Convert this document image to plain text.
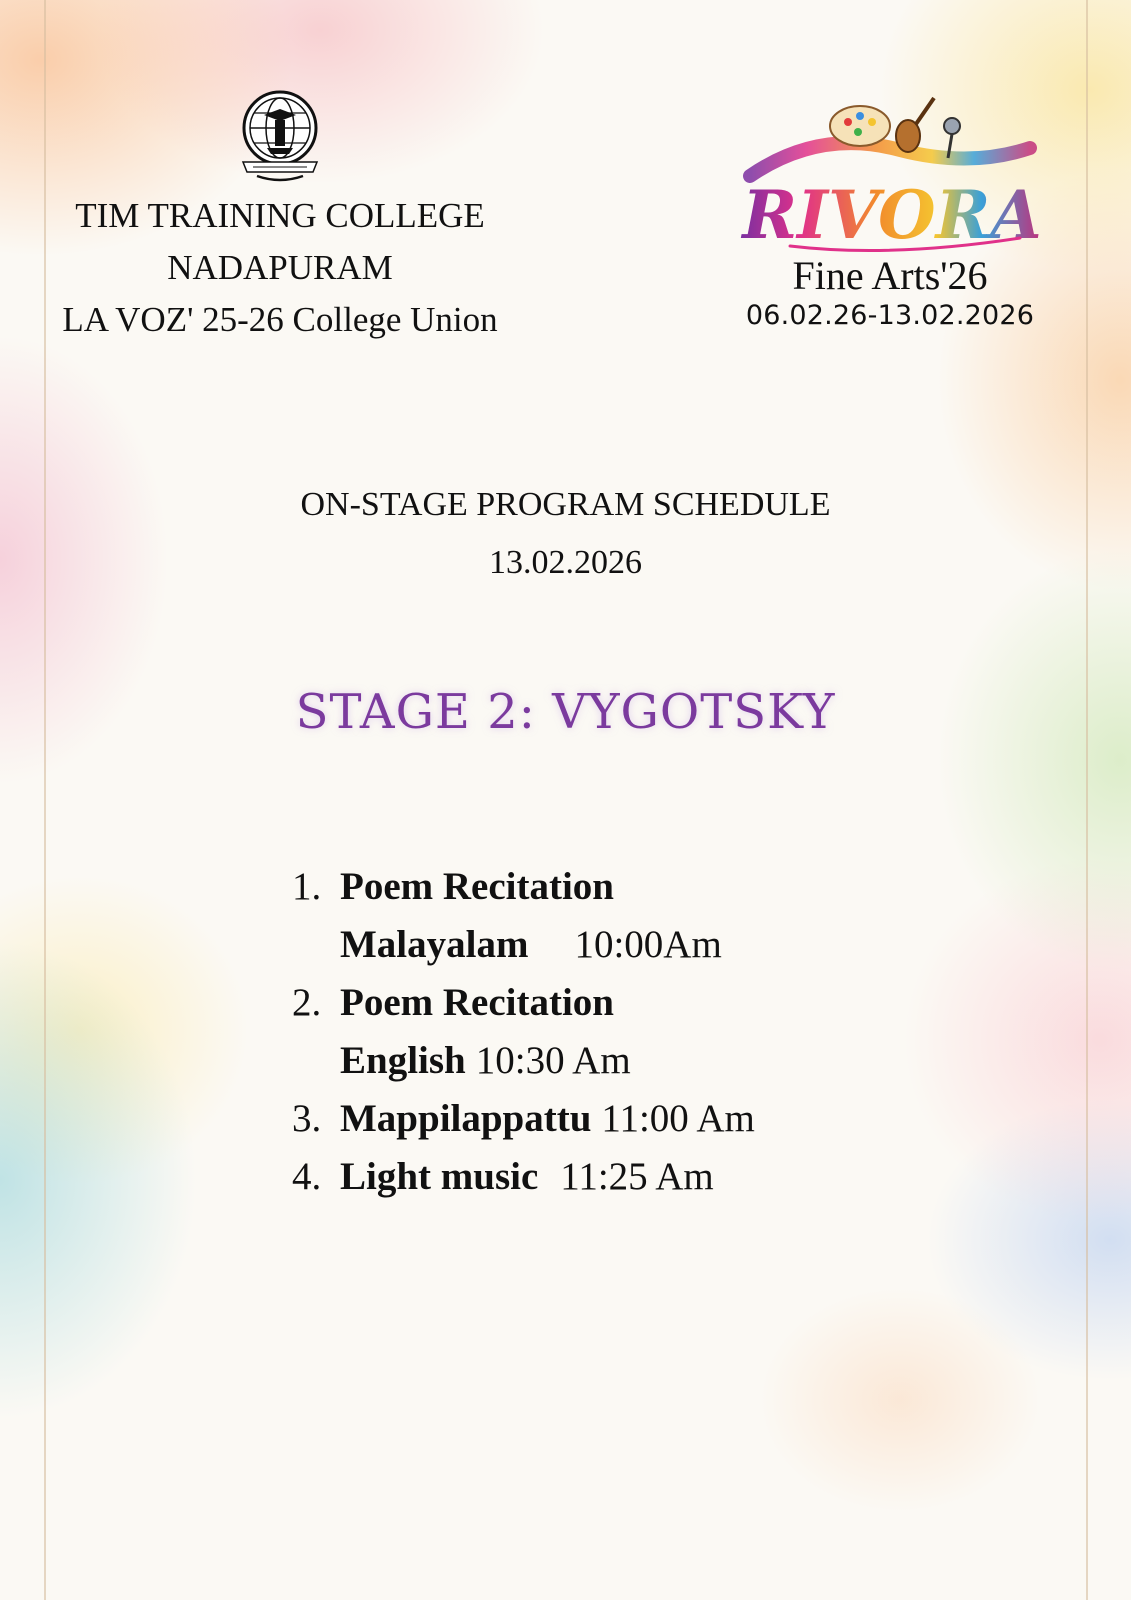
TIM TRAINING COLLEGE
NADAPURAM
LA VOZ' 25-26 College Union
RIVORA
Fine Arts'26
06.02.26-13.02.2026
ON-STAGE PROGRAM SCHEDULE
13.02.2026
STAGE 2: VYGOTSKY
1. Poem Recitation
Malayalam 10:00Am
2. Poem Recitation
English 10:30 Am
3. Mappilappattu 11:00 Am
4. Light music 11:25 Am
